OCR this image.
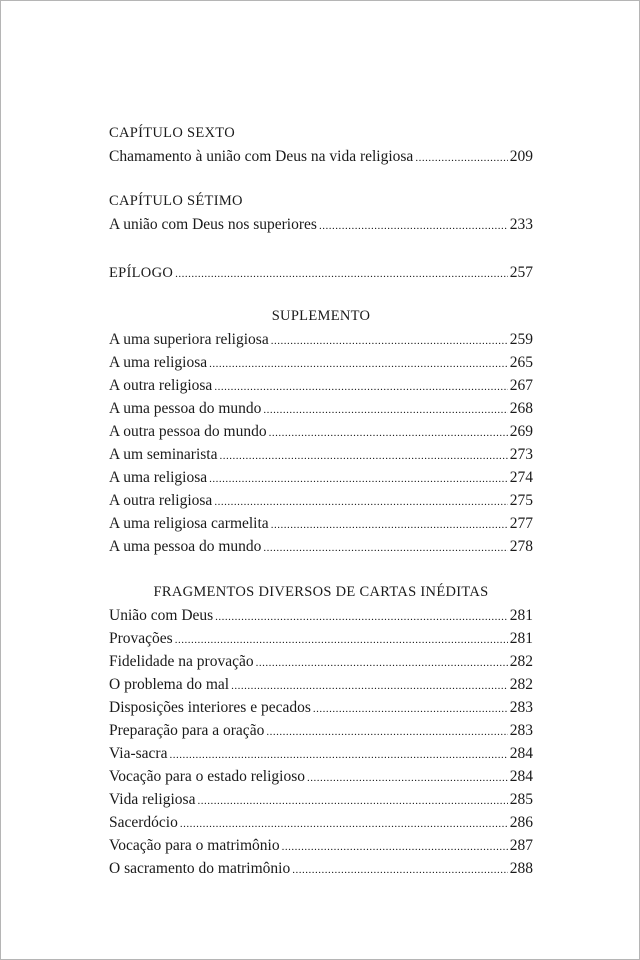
CAPÍTULO SEXTO
Chamamento à união com Deus na vida religiosa .....	209
CAPÍTULO SÉTIMO
A união com Deus nos superiores .....	233
EPÍLOGO .....	257
SUPLEMENTO
A uma superiora religiosa .....	259
A uma religiosa .....	265
A outra religiosa .....	267
A uma pessoa do mundo .....	268
A outra pessoa do mundo .....	269
A um seminarista .....	273
A uma religiosa .....	274
A outra religiosa .....	275
A uma religiosa carmelita .....	277
A uma pessoa do mundo .....	278
FRAGMENTOS DIVERSOS DE CARTAS INÉDITAS
União com Deus .....	281
Provações .....	281
Fidelidade na provação .....	282
O problema do mal .....	282
Disposições interiores e pecados .....	283
Preparação para a oração .....	283
Via-sacra .....	284
Vocação para o estado religioso .....	284
Vida religiosa .....	285
Sacerdócio .....	286
Vocação para o matrimônio .....	287
O sacramento do matrimônio .....	288
